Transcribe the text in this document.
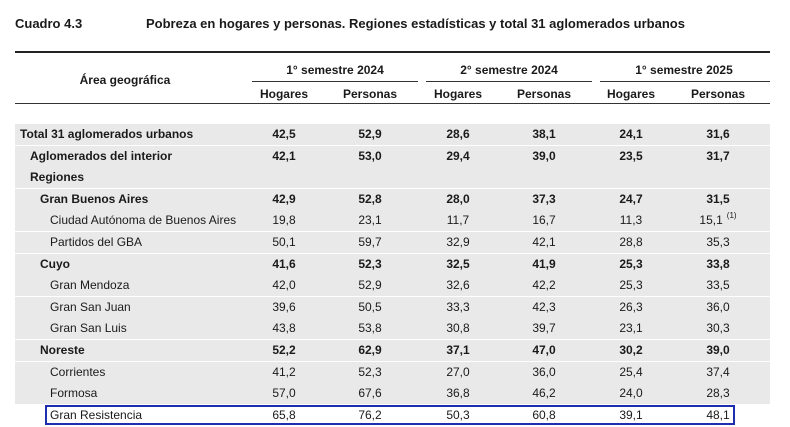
Cuadro 4.3	Pobreza en hogares y personas. Regiones estadísticas y total 31 aglomerados urbanos
Área geográfica
1° semestre 2024	2° semestre 2024	1° semestre 2025
Hogares	Personas	Hogares	Personas	Hogares	Personas
Total 31 aglomerados urbanos	42,5	52,9	28,6	38,1	24,1	31,6
Aglomerados del interior	42,1	53,0	29,4	39,0	23,5	31,7
Regiones
Gran Buenos Aires	42,9	52,8	28,0	37,3	24,7	31,5
Ciudad Autónoma de Buenos Aires	19,8	23,1	11,7	16,7	11,3	15,1 $^{(1)}$
Partidos del GBA	50,1	59,7	32,9	42,1	28,8	35,3
Cuyo	41,6	52,3	32,5	41,9	25,3	33,8
Gran Mendoza	42,0	52,9	32,6	42,2	25,3	33,5
Gran San Juan	39,6	50,5	33,3	42,3	26,3	36,0
Gran San Luis	43,8	53,8	30,8	39,7	23,1	30,3
Noreste	52,2	62,9	37,1	47,0	30,2	39,0
Corrientes	41,2	52,3	27,0	36,0	25,4	37,4
Formosa	57,0	67,6	36,8	46,2	24,0	28,3
Gran Resistencia	65,8	76,2	50,3	60,8	39,1	48,1
